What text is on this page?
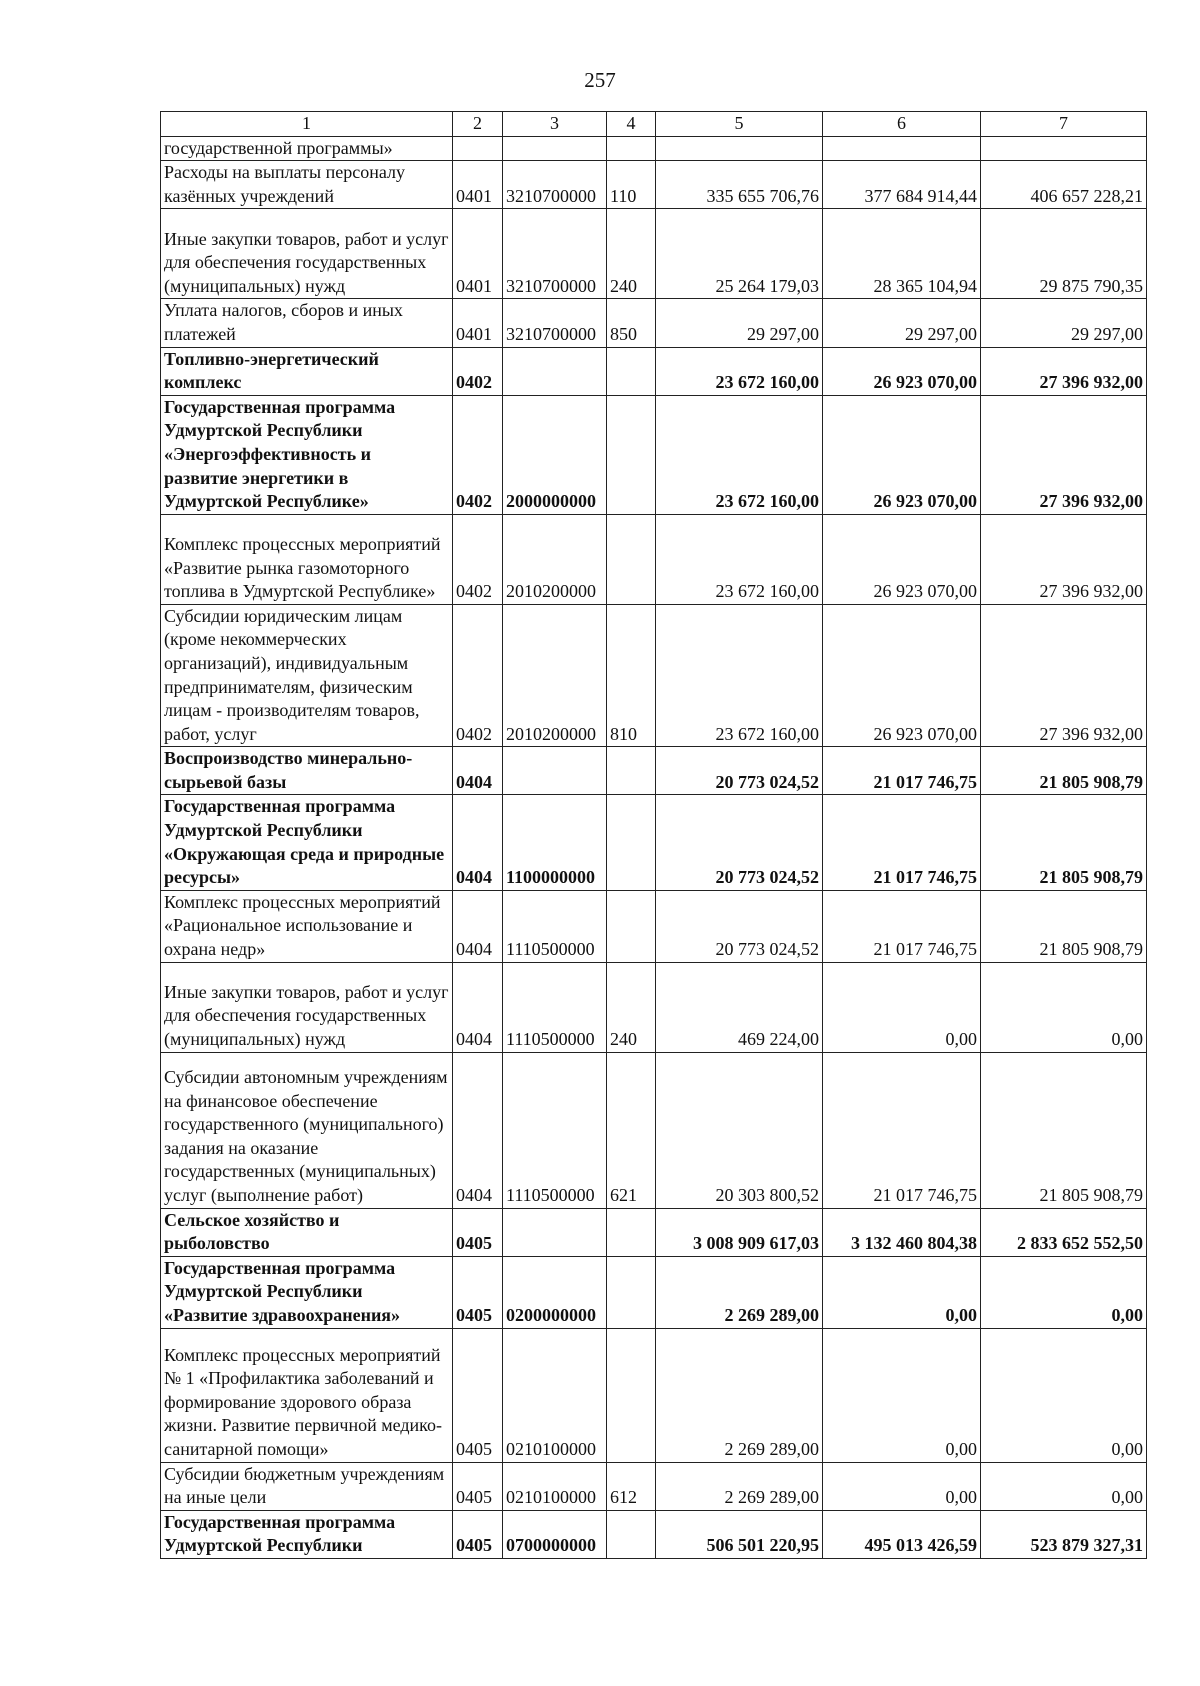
257
1	2	3	4	5	6	7
государственной программы»						
Расходы на выплаты персоналу казённых учреждений	0401	3210700000	110	335 655 706,76	377 684 914,44	406 657 228,21
Иные закупки товаров, работ и услуг для обеспечения государственных (муниципальных) нужд	0401	3210700000	240	25 264 179,03	28 365 104,94	29 875 790,35
Уплата налогов, сборов и иных платежей	0401	3210700000	850	29 297,00	29 297,00	29 297,00
Топливно-энергетический комплекс	0402			23 672 160,00	26 923 070,00	27 396 932,00
Государственная программа Удмуртской Республики «Энергоэффективность и развитие энергетики в Удмуртской Республике»	0402	2000000000		23 672 160,00	26 923 070,00	27 396 932,00
Комплекс процессных мероприятий «Развитие рынка газомоторного топлива в Удмуртской Республике»	0402	2010200000		23 672 160,00	26 923 070,00	27 396 932,00
Субсидии юридическим лицам (кроме некоммерческих организаций), индивидуальным предпринимателям, физическим лицам - производителям товаров, работ, услуг	0402	2010200000	810	23 672 160,00	26 923 070,00	27 396 932,00
Воспроизводство минерально-сырьевой базы	0404			20 773 024,52	21 017 746,75	21 805 908,79
Государственная программа Удмуртской Республики «Окружающая среда и природные ресурсы»	0404	1100000000		20 773 024,52	21 017 746,75	21 805 908,79
Комплекс процессных мероприятий «Рациональное использование и охрана недр»	0404	1110500000		20 773 024,52	21 017 746,75	21 805 908,79
Иные закупки товаров, работ и услуг для обеспечения государственных (муниципальных) нужд	0404	1110500000	240	469 224,00	0,00	0,00
Субсидии автономным учреждениям на финансовое обеспечение государственного (муниципального) задания на оказание государственных (муниципальных) услуг (выполнение работ)	0404	1110500000	621	20 303 800,52	21 017 746,75	21 805 908,79
Сельское хозяйство и рыболовство	0405			3 008 909 617,03	3 132 460 804,38	2 833 652 552,50
Государственная программа Удмуртской Республики «Развитие здравоохранения»	0405	0200000000		2 269 289,00	0,00	0,00
Комплекс процессных мероприятий № 1 «Профилактика заболеваний и формирование здорового образа жизни. Развитие первичной медико-санитарной помощи»	0405	0210100000		2 269 289,00	0,00	0,00
Субсидии бюджетным учреждениям на иные цели	0405	0210100000	612	2 269 289,00	0,00	0,00
Государственная программа Удмуртской Республики	0405	0700000000		506 501 220,95	495 013 426,59	523 879 327,31
